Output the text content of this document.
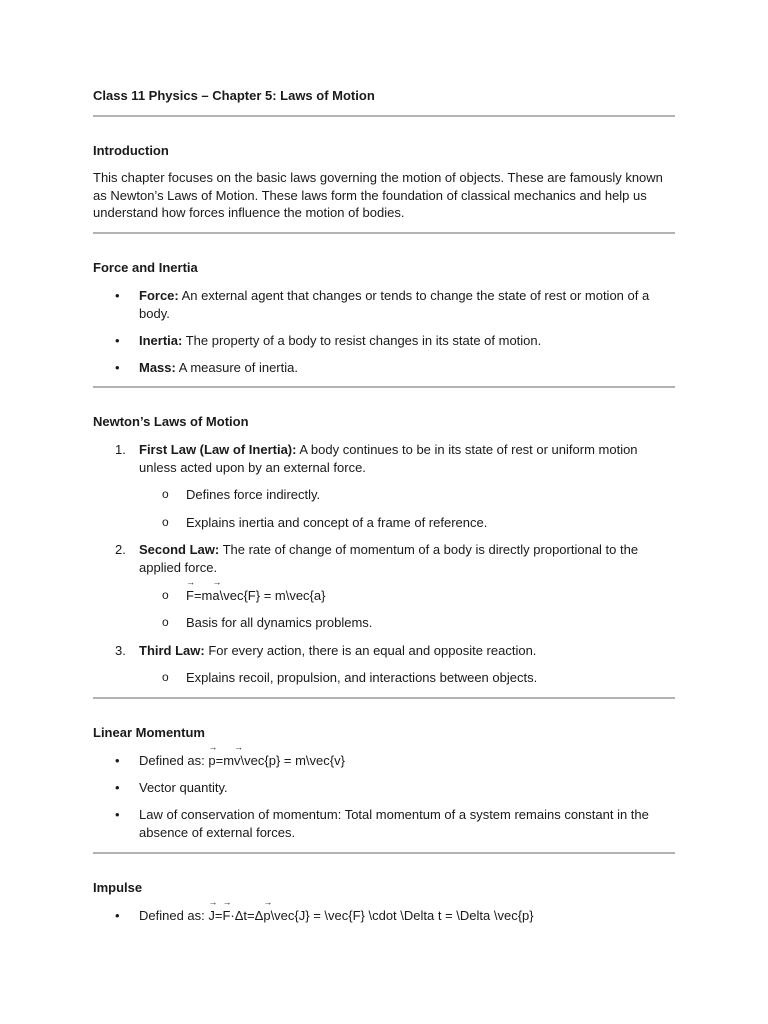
Class 11 Physics – Chapter 5: Laws of Motion
Introduction
This chapter focuses on the basic laws governing the motion of objects. These are famously known as Newton’s Laws of Motion. These laws form the foundation of classical mechanics and help us understand how forces influence the motion of bodies.
Force and Inertia
• Force: An external agent that changes or tends to change the state of rest or motion of a body.
• Inertia: The property of a body to resist changes in its state of motion.
• Mass: A measure of inertia.
Newton’s Laws of Motion
1. First Law (Law of Inertia): A body continues to be in its state of rest or uniform motion unless acted upon by an external force.
o Defines force indirectly.
o Explains inertia and concept of a frame of reference.
2. Second Law: The rate of change of momentum of a body is directly proportional to the applied force.
o → F=m→ a\vec{F} = m\vec{a}
o Basis for all dynamics problems.
3. Third Law: For every action, there is an equal and opposite reaction.
o Explains recoil, propulsion, and interactions between objects.
Linear Momentum
• Defined as: → p=m→ v\vec{p} = m\vec{v}
• Vector quantity.
• Law of conservation of momentum: Total momentum of a system remains constant in the absence of external forces.
Impulse
• Defined as: → J=→ F·Δt=Δ→ p\vec{J} = \vec{F} \cdot \Delta t = \Delta \vec{p}
